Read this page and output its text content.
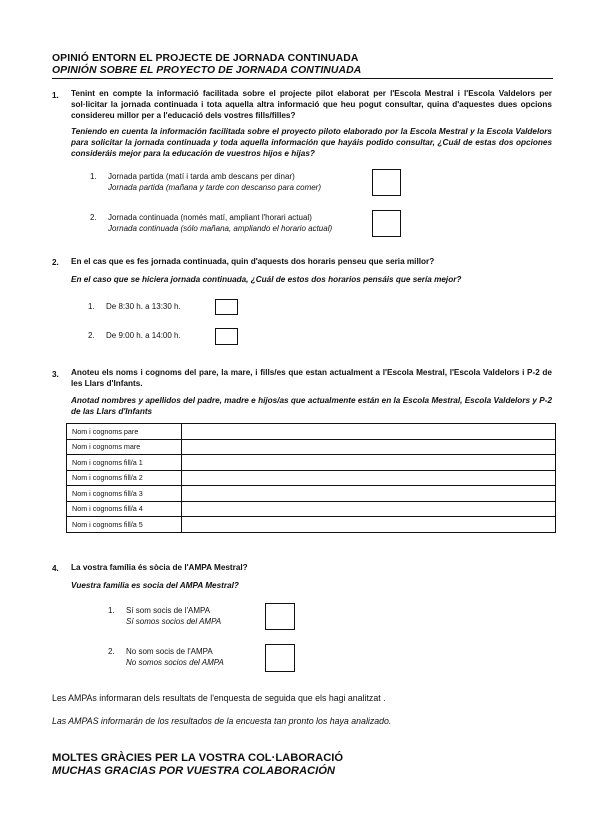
OPINIÓ ENTORN EL PROJECTE DE JORNADA CONTINUADA
OPINIÓN SOBRE EL PROYECTO DE JORNADA CONTINUADA
1. Tenint en compte la informació facilitada sobre el projecte pilot elaborat per l'Escola Mestral i l'Escola Valdelors per sol·licitar la jornada continuada i tota aquella altra informació que heu pogut consultar, quina d'aquestes dues opcions considereu millor per a l'educació dels vostres fills/filles?
Teniendo en cuenta la información facilitada sobre el proyecto piloto elaborado por la Escola Mestral y la Escola Valdelors para solicitar la jornada continuada y toda aquella información que hayáis podido consultar, ¿Cuál de estas dos opciones consideráis mejor para la educación de vuestros hijos e hijas?
1. Jornada partida (matí i tarda amb descans per dinar)
Jornada partida (mañana y tarde con descanso para comer)
2. Jornada continuada (només matí, ampliant l'horari actual)
Jornada continuada (sólo mañana, ampliando el horario actual)
2. En el cas que es fes jornada continuada, quin d'aquests dos horaris penseu que seria millor?
En el caso que se hiciera jornada continuada, ¿Cuál de estos dos horarios pensáis que sería mejor?
1. De 8:30 h. a 13:30 h.
2. De 9:00 h. a 14:00 h.
3. Anoteu els noms i cognoms del pare, la mare, i fills/es que estan actualment a l'Escola Mestral, l'Escola Valdelors i P-2 de les Llars d'Infants.
Anotad nombres y apellidos del padre, madre e hijos/as que actualmente están en la Escola Mestral, Escola Valdelors y P-2 de las Llars d'Infants
Nom i cognoms pare	
Nom i cognoms mare	
Nom i cognoms fill/a 1	
Nom i cognoms fill/a 2	
Nom i cognoms fill/a 3	
Nom i cognoms fill/a 4	
Nom i cognoms fill/a 5	
4. La vostra família és sòcia de l'AMPA Mestral?
Vuestra familia es socia del AMPA Mestral?
1. Sí som socis de l'AMPA
Sí somos socios del AMPA
2. No som socis de l'AMPA
No somos socios del AMPA
Les AMPAs informaran dels resultats de l'enquesta de seguida que els hagi analitzat .
Las AMPAS informarán de los resultados de la encuesta tan pronto los haya analizado.
MOLTES GRÀCIES PER LA VOSTRA COL·LABORACIÓ
MUCHAS GRACIAS POR VUESTRA COLABORACIÓN
